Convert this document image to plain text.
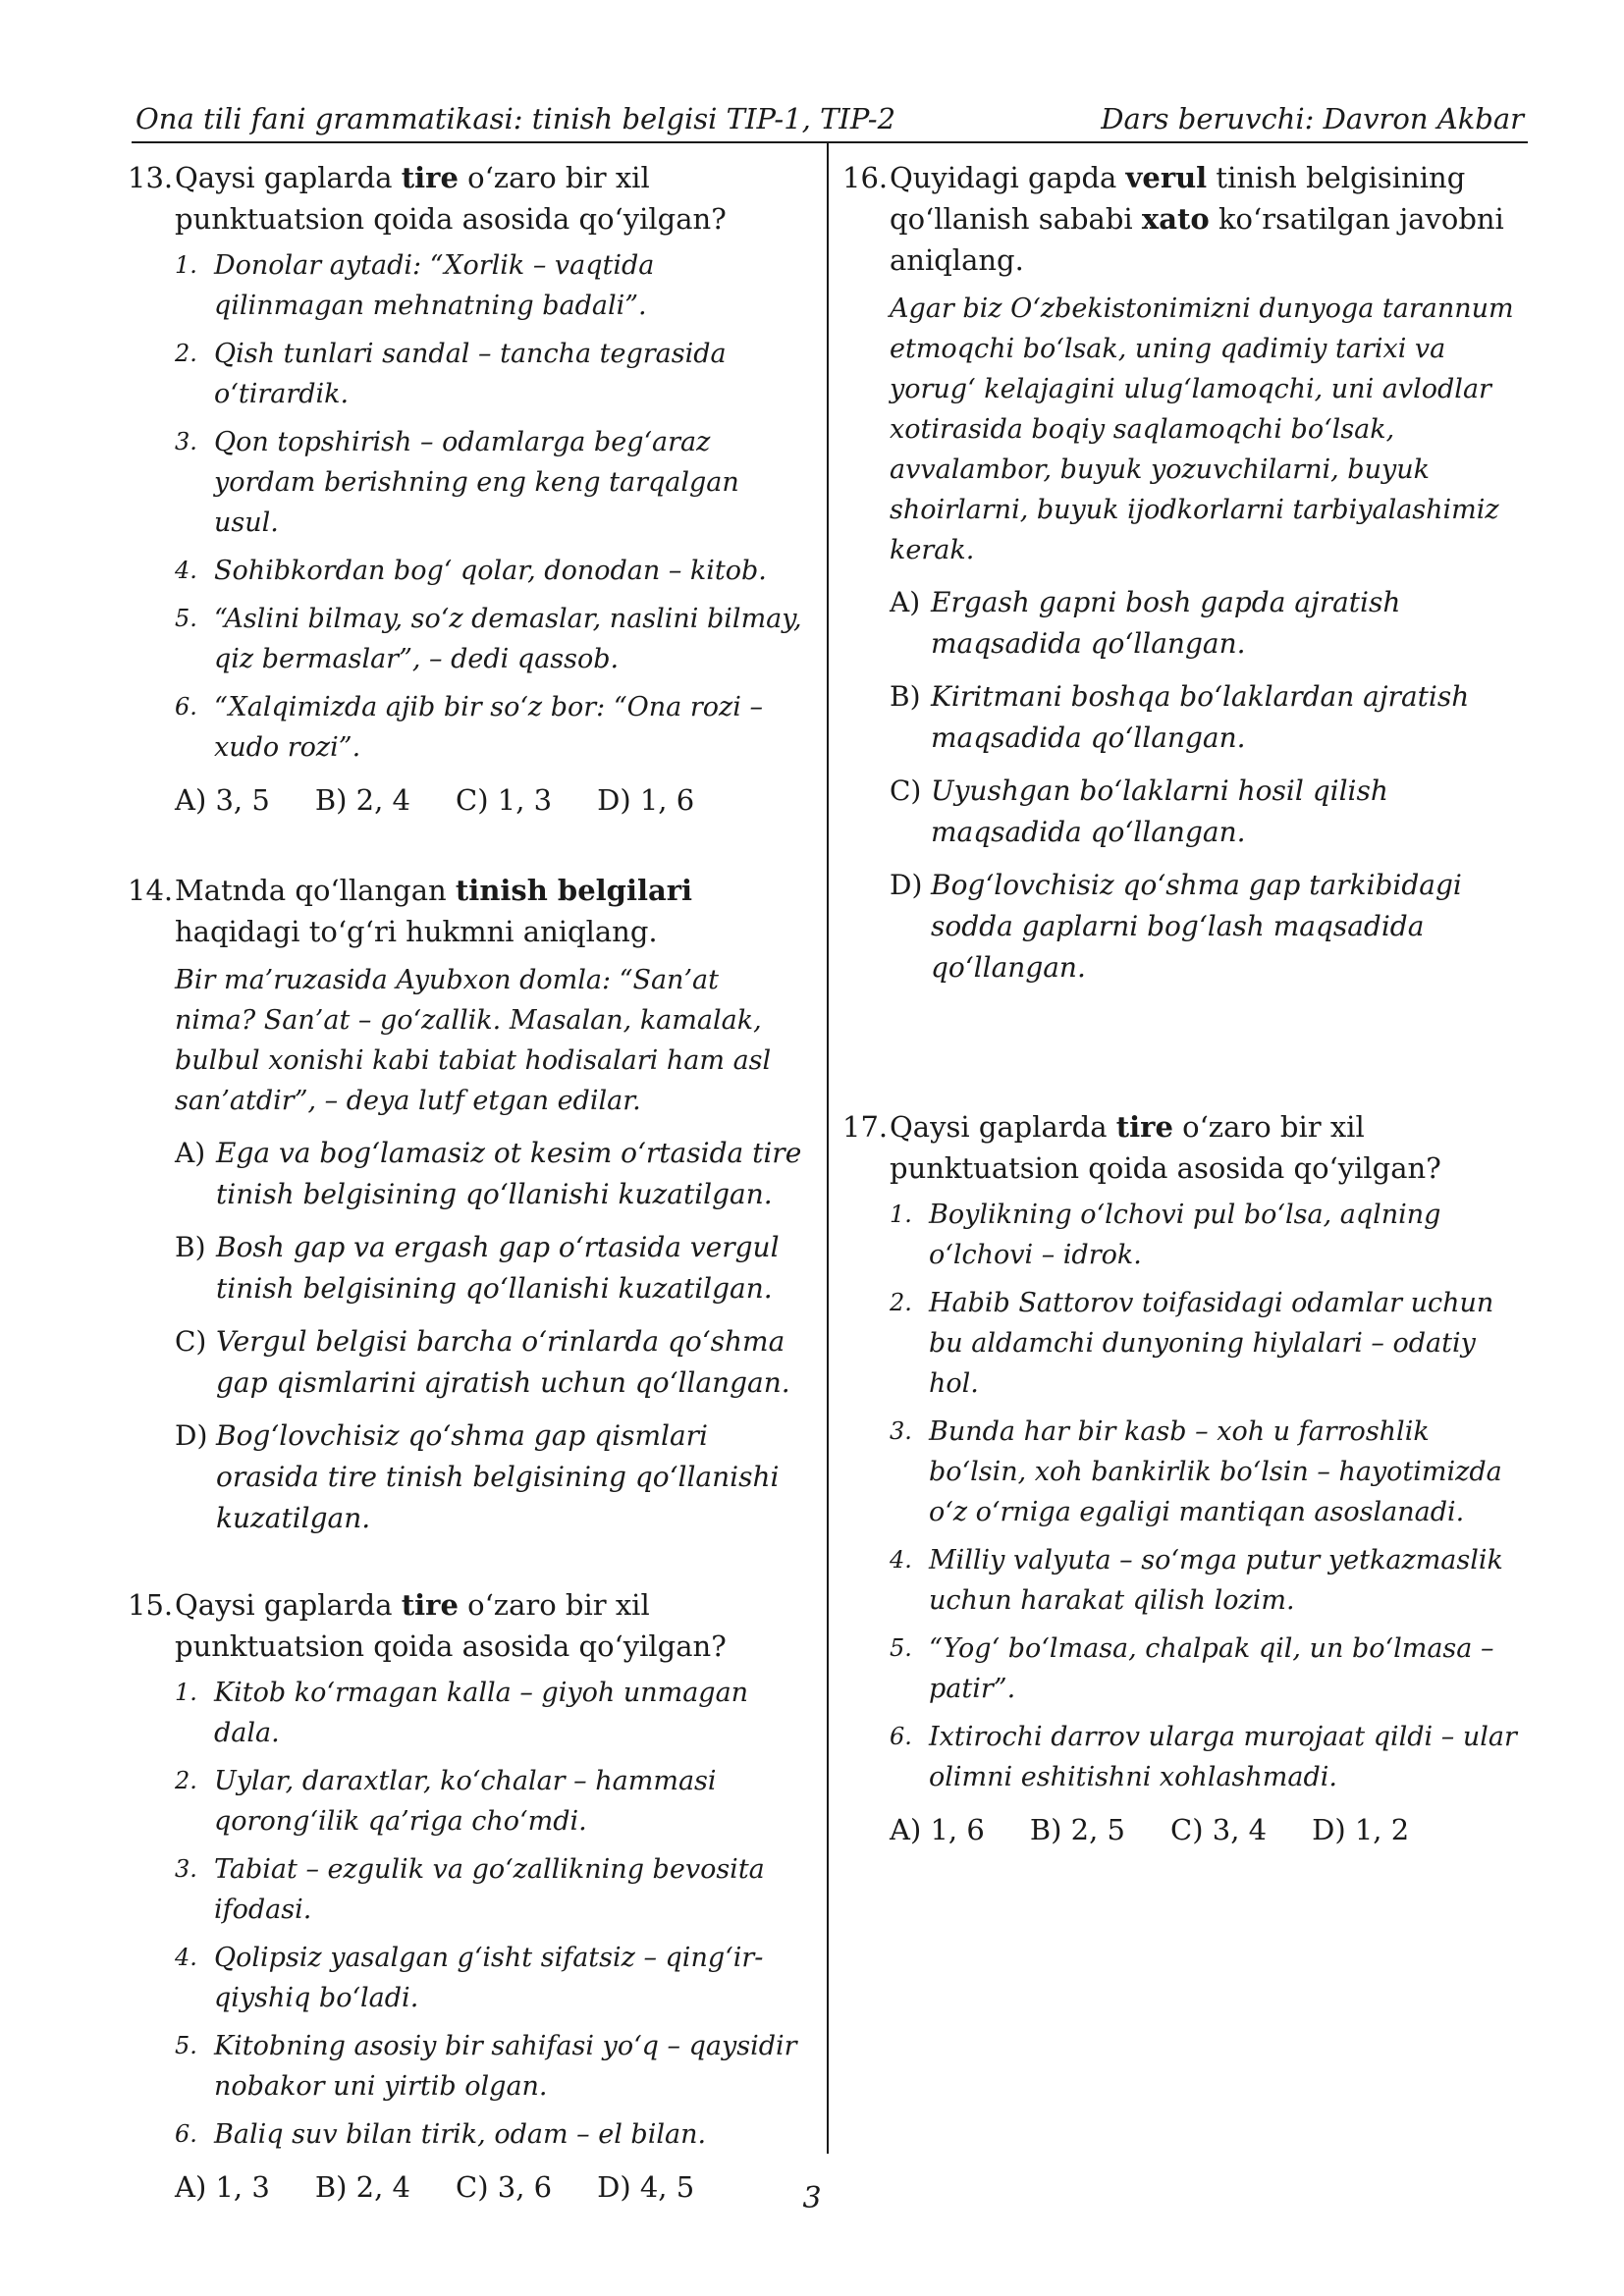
Ona tili fani grammatikasi: tinish belgisi TIP-1, TIP-2	Dars beruvchi: Davron Akbar
13. Qaysi gaplarda tire o‘zaro bir xil punktuatsion qoida asosida qo‘yilgan?
1. Donolar aytadi: “Xorlik – vaqtida qilinmagan mehnatning badali”.
2. Qish tunlari sandal – tancha tegrasida o‘tirardik.
3. Qon topshirish – odamlarga beg‘araz yordam berishning eng keng tarqalgan usul.
4. Sohibkordan bog‘ qolar, donodan – kitob.
5. “Aslini bilmay, so‘z demaslar, naslini bilmay, qiz bermaslar”, – dedi qassob.
6. “Xalqimizda ajib bir so‘z bor: “Ona rozi – xudo rozi”.
A) 3, 5 B) 2, 4 C) 1, 3 D) 1, 6
14. Matnda qo‘llangan tinish belgilari haqidagi to‘g‘ri hukmni aniqlang.
Bir ma’ruzasida Ayubxon domla: “San’at nima? San’at – go‘zallik. Masalan, kamalak, bulbul xonishi kabi tabiat hodisalari ham asl san’atdir”, – deya lutf etgan edilar.
A) Ega va bog‘lamasiz ot kesim o‘rtasida tire tinish belgisining qo‘llanishi kuzatilgan.
B) Bosh gap va ergash gap o‘rtasida vergul tinish belgisining qo‘llanishi kuzatilgan.
C) Vergul belgisi barcha o‘rinlarda qo‘shma gap qismlarini ajratish uchun qo‘llangan.
D) Bog‘lovchisiz qo‘shma gap qismlari orasida tire tinish belgisining qo‘llanishi kuzatilgan.
15. Qaysi gaplarda tire o‘zaro bir xil punktuatsion qoida asosida qo‘yilgan?
1. Kitob ko‘rmagan kalla – giyoh unmagan dala.
2. Uylar, daraxtlar, ko‘chalar – hammasi qorong‘ilik qa’riga cho‘mdi.
3. Tabiat – ezgulik va go‘zallikning bevosita ifodasi.
4. Qolipsiz yasalgan g‘isht sifatsiz – qing‘ir-qiyshiq bo‘ladi.
5. Kitobning asosiy bir sahifasi yo‘q – qaysidir nobakor uni yirtib olgan.
6. Baliq suv bilan tirik, odam – el bilan.
A) 1, 3 B) 2, 4 C) 3, 6 D) 4, 5
16. Quyidagi gapda verul tinish belgisining qo‘llanish sababi xato ko‘rsatilgan javobni aniqlang.
Agar biz O‘zbekistonimizni dunyoga tarannum etmoqchi bo‘lsak, uning qadimiy tarixi va yorug‘ kelajagini ulug‘lamoqchi, uni avlodlar xotirasida boqiy saqlamoqchi bo‘lsak, avvalambor, buyuk yozuvchilarni, buyuk shoirlarni, buyuk ijodkorlarni tarbiyalashimiz kerak.
A) Ergash gapni bosh gapda ajratish maqsadida qo‘llangan.
B) Kiritmani boshqa bo‘laklardan ajratish maqsadida qo‘llangan.
C) Uyushgan bo‘laklarni hosil qilish maqsadida qo‘llangan.
D) Bog‘lovchisiz qo‘shma gap tarkibidagi sodda gaplarni bog‘lash maqsadida qo‘llangan.
17. Qaysi gaplarda tire o‘zaro bir xil punktuatsion qoida asosida qo‘yilgan?
1. Boylikning o‘lchovi pul bo‘lsa, aqlning o‘lchovi – idrok.
2. Habib Sattorov toifasidagi odamlar uchun bu aldamchi dunyoning hiylalari – odatiy hol.
3. Bunda har bir kasb – xoh u farroshlik bo‘lsin, xoh bankirlik bo‘lsin – hayotimizda o‘z o‘rniga egaligi mantiqan asoslanadi.
4. Milliy valyuta – so‘mga putur yetkazmaslik uchun harakat qilish lozim.
5. “Yog‘ bo‘lmasa, chalpak qil, un bo‘lmasa – patir”.
6. Ixtirochi darrov ularga murojaat qildi – ular olimni eshitishni xohlashmadi.
A) 1, 6 B) 2, 5 C) 3, 4 D) 1, 2
3
